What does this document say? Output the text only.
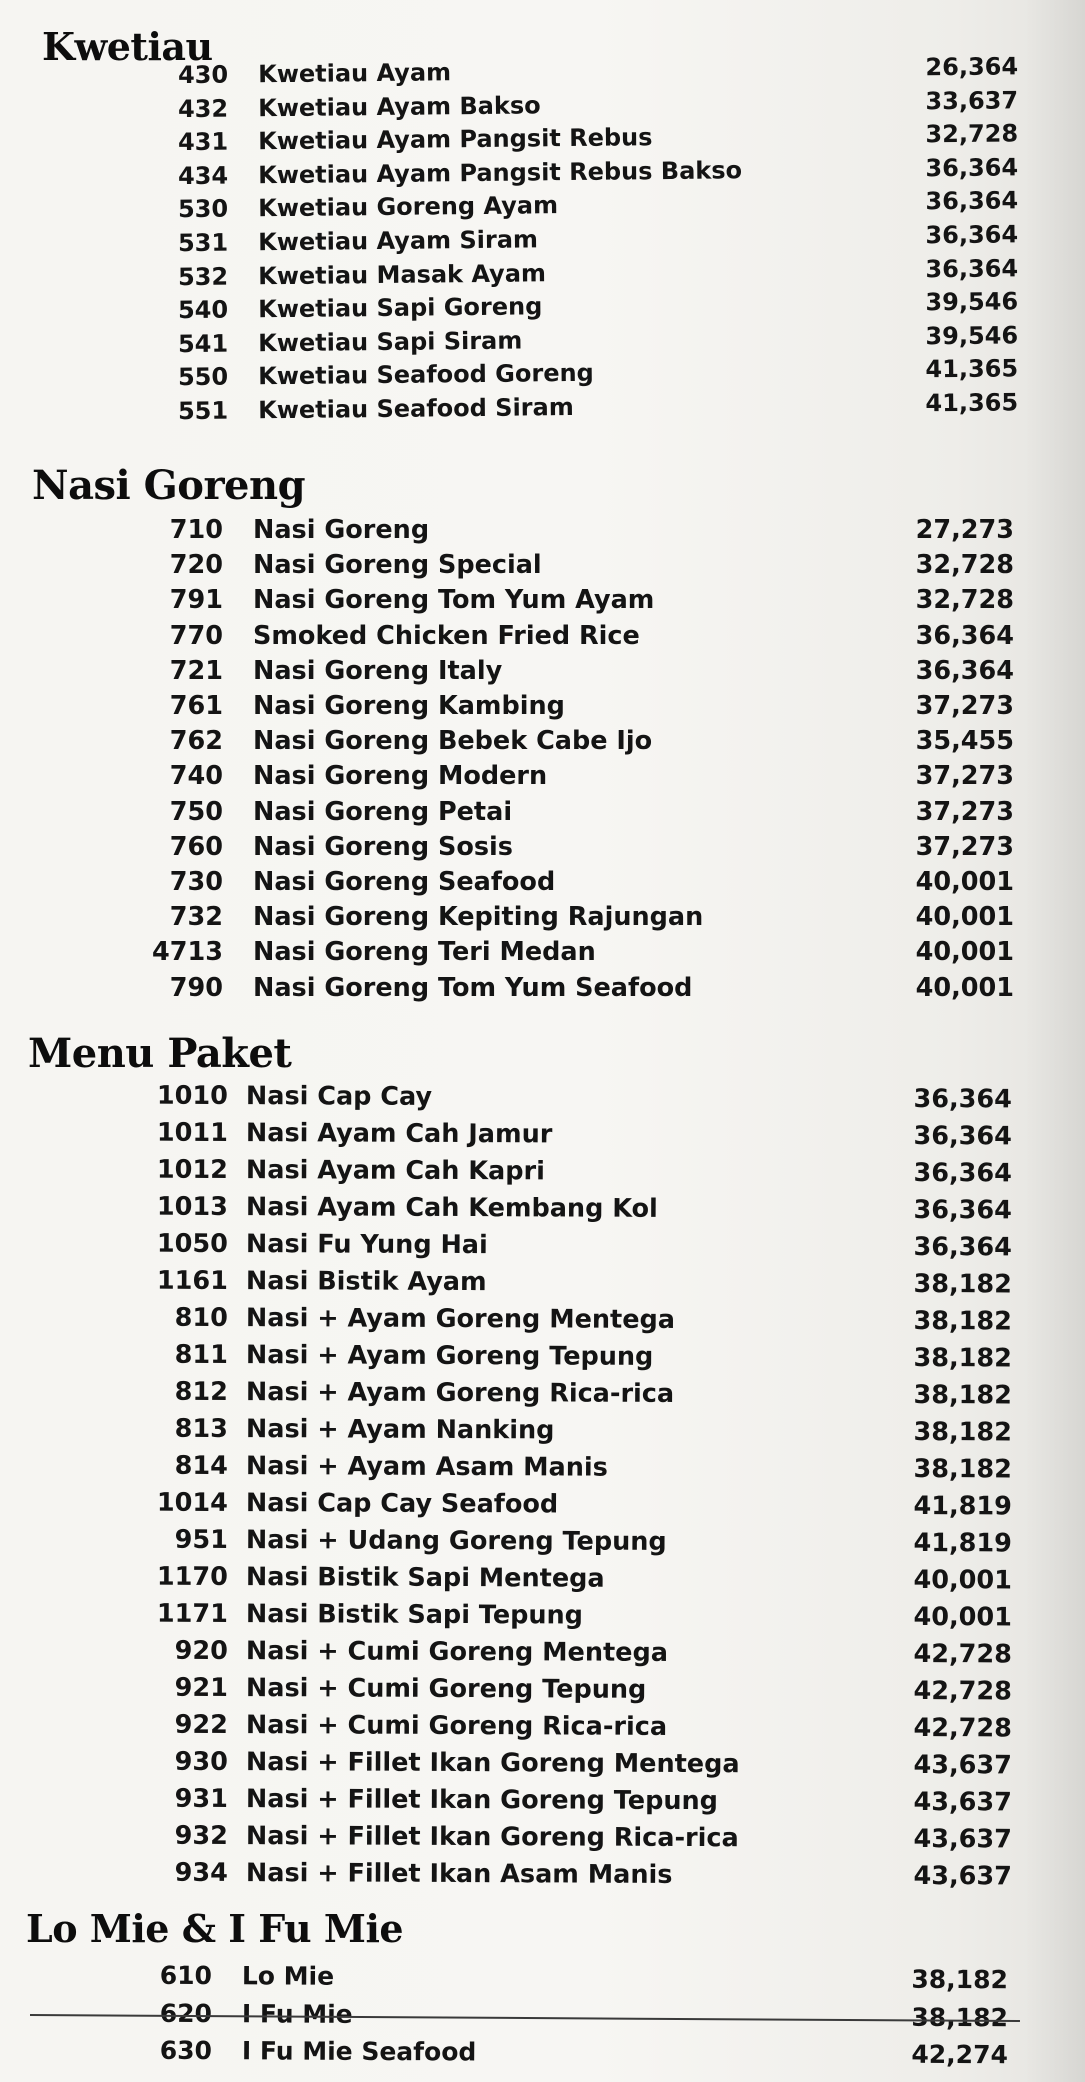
Kwetiau
430 Kwetiau Ayam	26,364
432 Kwetiau Ayam Bakso	33,637
431 Kwetiau Ayam Pangsit Rebus	32,728
434 Kwetiau Ayam Pangsit Rebus Bakso	36,364
530 Kwetiau Goreng Ayam	36,364
531 Kwetiau Ayam Siram	36,364
532 Kwetiau Masak Ayam	36,364
540 Kwetiau Sapi Goreng	39,546
541 Kwetiau Sapi Siram	39,546
550 Kwetiau Seafood Goreng	41,365
551 Kwetiau Seafood Siram	41,365
Nasi Goreng
710 Nasi Goreng	27,273
720 Nasi Goreng Special	32,728
791 Nasi Goreng Tom Yum Ayam	32,728
770 Smoked Chicken Fried Rice	36,364
721 Nasi Goreng Italy	36,364
761 Nasi Goreng Kambing	37,273
762 Nasi Goreng Bebek Cabe Ijo	35,455
740 Nasi Goreng Modern	37,273
750 Nasi Goreng Petai	37,273
760 Nasi Goreng Sosis	37,273
730 Nasi Goreng Seafood	40,001
732 Nasi Goreng Kepiting Rajungan	40,001
4713 Nasi Goreng Teri Medan	40,001
790 Nasi Goreng Tom Yum Seafood	40,001
Menu Paket
1010 Nasi Cap Cay	36,364
1011 Nasi Ayam Cah Jamur	36,364
1012 Nasi Ayam Cah Kapri	36,364
1013 Nasi Ayam Cah Kembang Kol	36,364
1050 Nasi Fu Yung Hai	36,364
1161 Nasi Bistik Ayam	38,182
810 Nasi + Ayam Goreng Mentega	38,182
811 Nasi + Ayam Goreng Tepung	38,182
812 Nasi + Ayam Goreng Rica-rica	38,182
813 Nasi + Ayam Nanking	38,182
814 Nasi + Ayam Asam Manis	38,182
1014 Nasi Cap Cay Seafood	41,819
951 Nasi + Udang Goreng Tepung	41,819
1170 Nasi Bistik Sapi Mentega	40,001
1171 Nasi Bistik Sapi Tepung	40,001
920 Nasi + Cumi Goreng Mentega	42,728
921 Nasi + Cumi Goreng Tepung	42,728
922 Nasi + Cumi Goreng Rica-rica	42,728
930 Nasi + Fillet Ikan Goreng Mentega	43,637
931 Nasi + Fillet Ikan Goreng Tepung	43,637
932 Nasi + Fillet Ikan Goreng Rica-rica	43,637
934 Nasi + Fillet Ikan Asam Manis	43,637
Lo Mie & I Fu Mie
610 Lo Mie	38,182
620 I Fu Mie	38,182
630 I Fu Mie Seafood	42,274
